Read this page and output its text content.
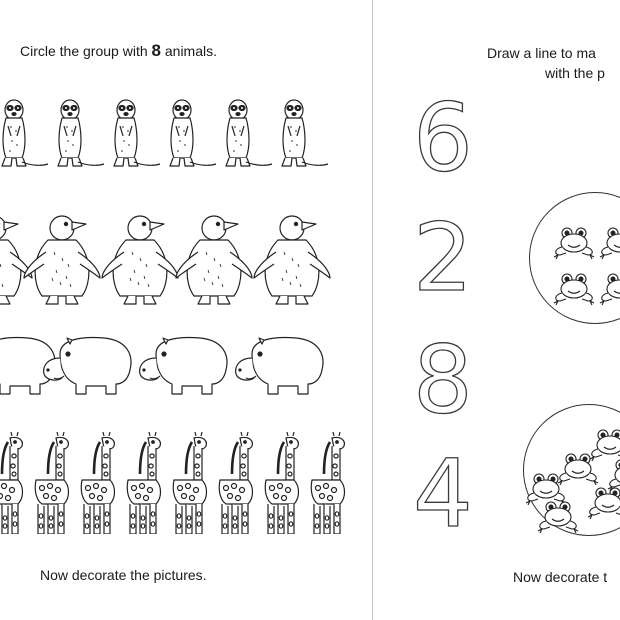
Circle the group with 8 animals.

Now decorate the pictures.

Draw a line to ma

with the p

6
2
8
4

Now decorate t
